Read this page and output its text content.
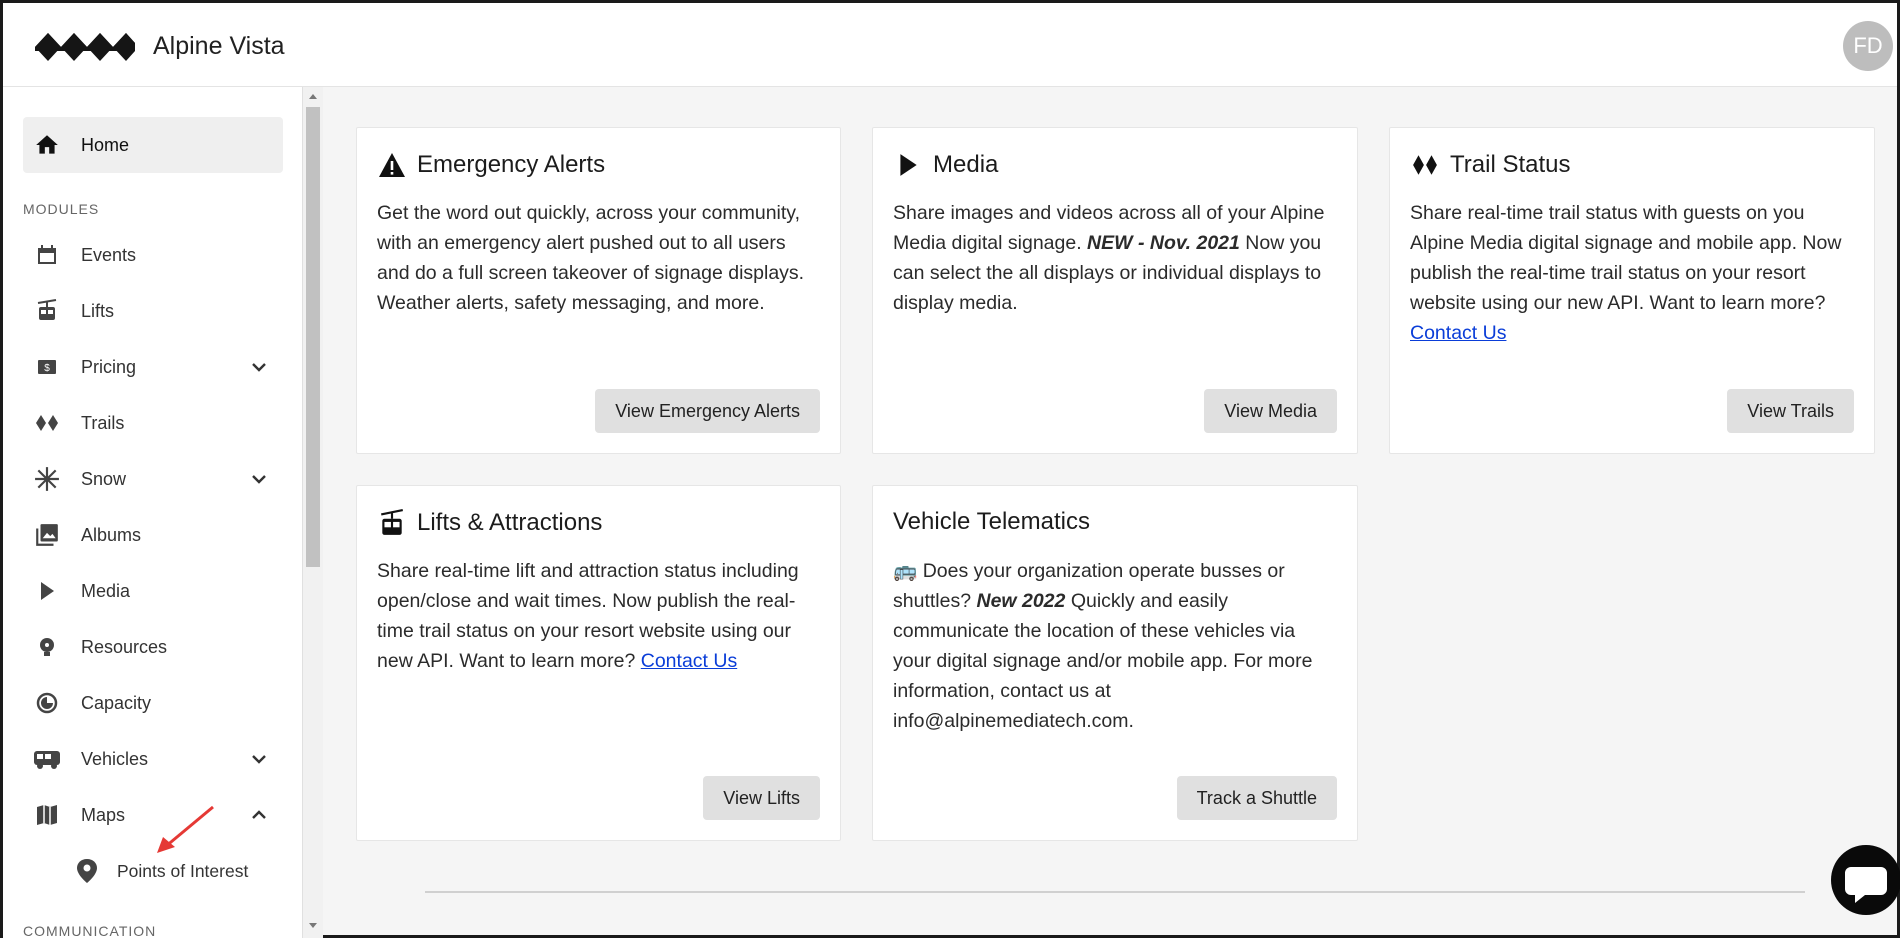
Alpine Vista	FD
Home
MODULES
Events
Lifts
$ Pricing
Trails
Snow
Albums
Media
Resources
Capacity
Vehicles
Maps
Points of Interest
COMMUNICATION
Emergency Alerts
Get the word out quickly, across your community, with an emergency alert pushed out to all users and do a full screen takeover of signage displays. Weather alerts, safety messaging, and more.
View Emergency Alerts
Media
Share images and videos across all of your Alpine Media digital signage. NEW - Nov. 2021 Now you can select the all displays or individual displays to display media.
View Media
Trail Status
Share real-time trail status with guests on you Alpine Media digital signage and mobile app. Now publish the real-time trail status on your resort website using our new API. Want to learn more? Contact Us
View Trails
Lifts & Attractions
Share real-time lift and attraction status including open/close and wait times. Now publish the real-time trail status on your resort website using our new API. Want to learn more? Contact Us
View Lifts
Vehicle Telematics
🚌 Does your organization operate busses or shuttles? New 2022 Quickly and easily communicate the location of these vehicles via your digital signage and/or mobile app. For more information, contact us at info@alpinemediatech.com.
Track a Shuttle
